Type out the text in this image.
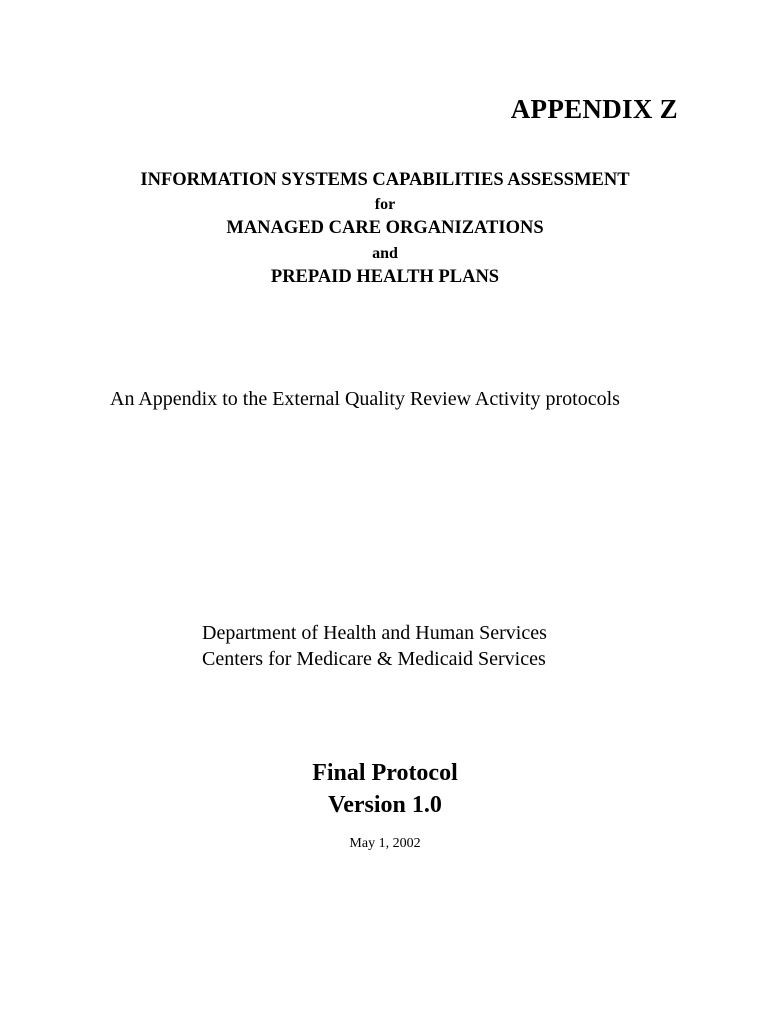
APPENDIX Z
INFORMATION SYSTEMS CAPABILITIES ASSESSMENT
for
MANAGED CARE ORGANIZATIONS
and
PREPAID HEALTH PLANS

An Appendix to the External Quality Review Activity protocols

Department of Health and Human Services
Centers for Medicare & Medicaid Services
Final Protocol
Version 1.0
May 1, 2002
